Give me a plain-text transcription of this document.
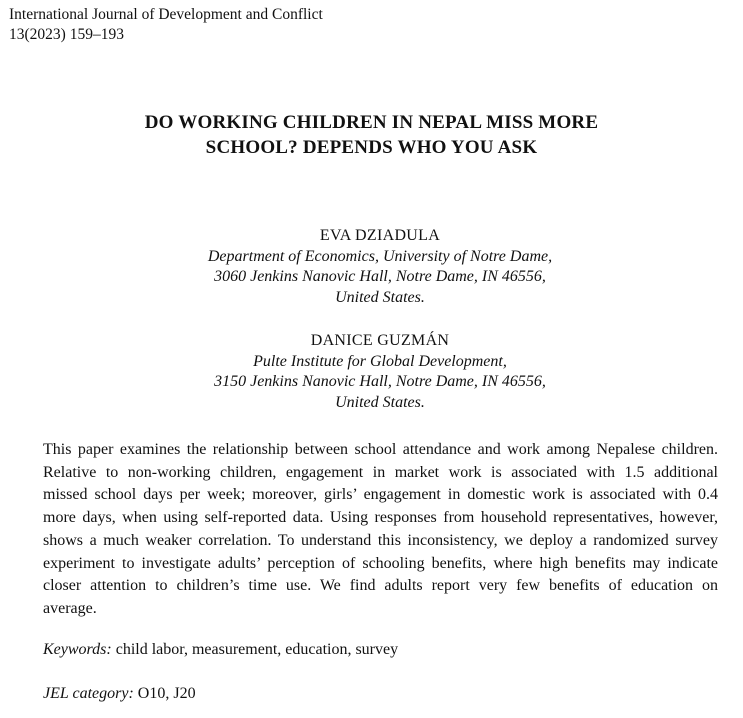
International Journal of Development and Conflict
13(2023) 159–193
DO WORKING CHILDREN IN NEPAL MISS MORE
SCHOOL? DEPENDS WHO YOU ASK
EVA DZIADULA
Department of Economics, University of Notre Dame,
3060 Jenkins Nanovic Hall, Notre Dame, IN 46556,
United States.
DANICE GUZMÁN
Pulte Institute for Global Development,
3150 Jenkins Nanovic Hall, Notre Dame, IN 46556,
United States.
This paper examines the relationship between school attendance and work among Nepalese children.
Relative to non-working children, engagement in market work is associated with 1.5 additional
missed school days per week; moreover, girls’ engagement in domestic work is associated with 0.4
more days, when using self-reported data. Using responses from household representatives, however,
shows a much weaker correlation. To understand this inconsistency, we deploy a randomized survey
experiment to investigate adults’ perception of schooling benefits, where high benefits may indicate
closer attention to children’s time use. We find adults report very few benefits of education on
average.
Keywords: child labor, measurement, education, survey
JEL category: O10, J20
